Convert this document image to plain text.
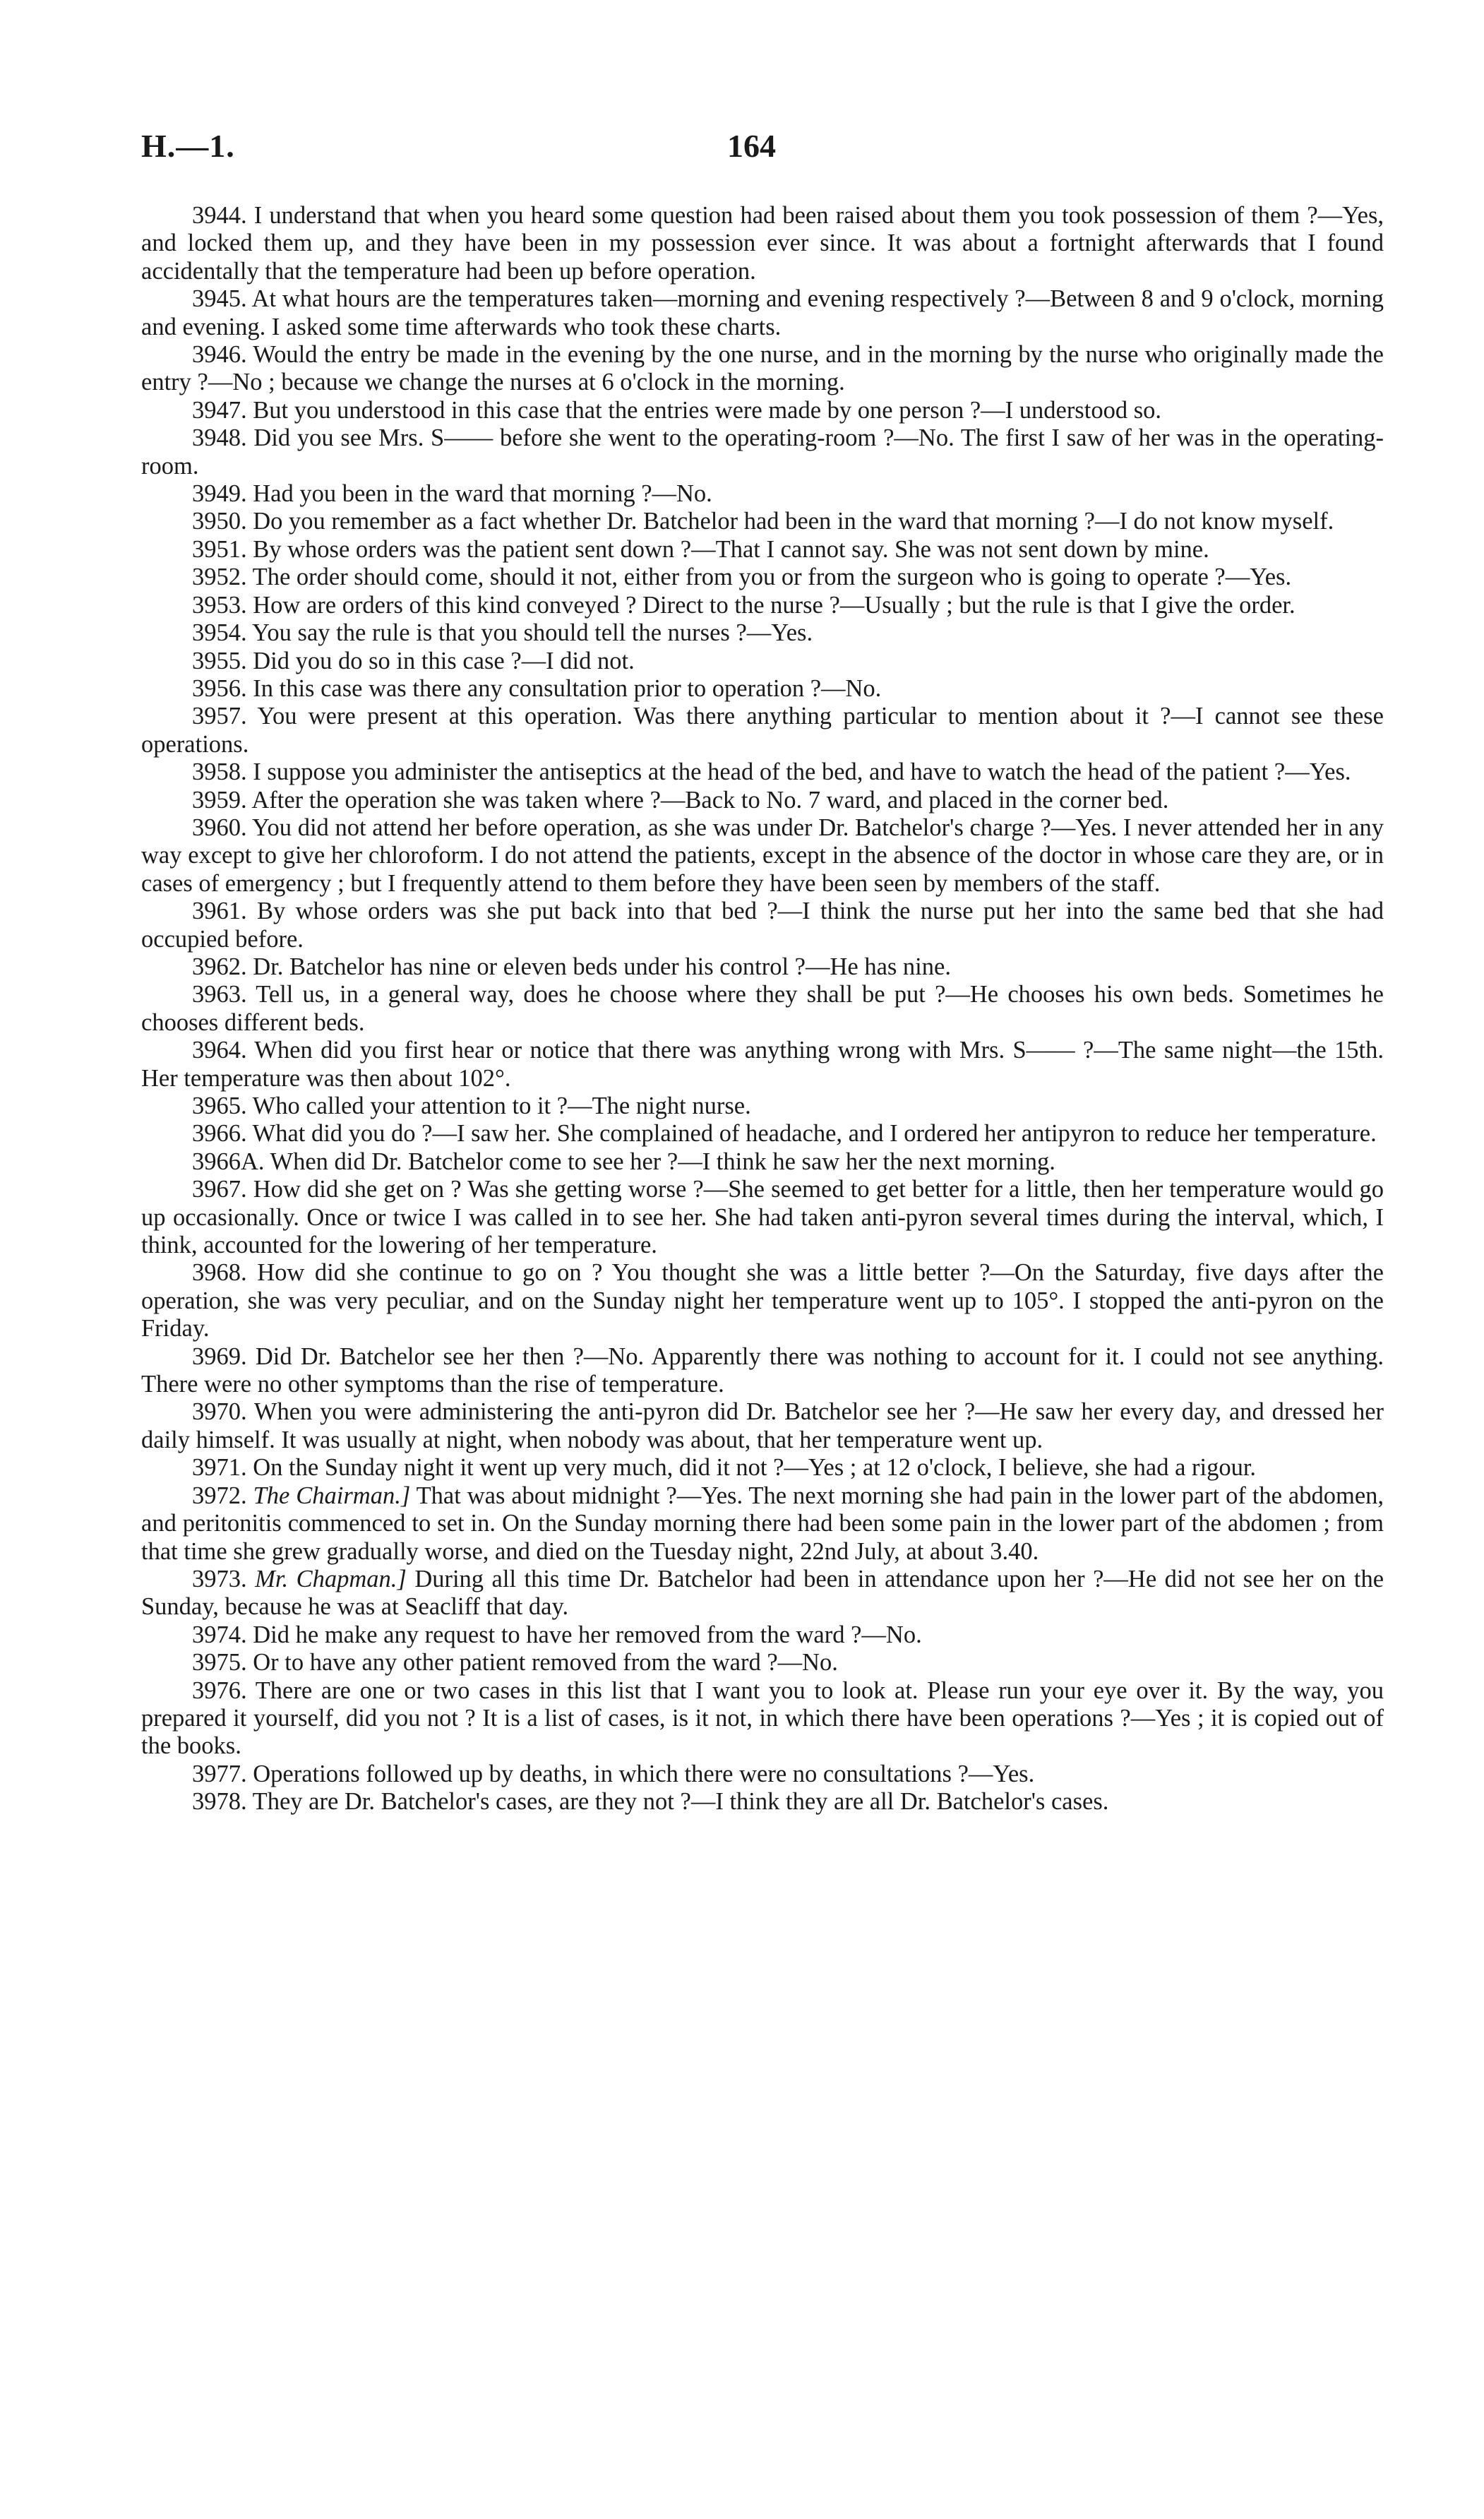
H.—1.	164

3944. I understand that when you heard some question had been raised about them you took possession of them ?—Yes, and locked them up, and they have been in my possession ever since. It was about a fortnight afterwards that I found accidentally that the temperature had been up before operation.

3945. At what hours are the temperatures taken—morning and evening respectively ?—Between 8 and 9 o'clock, morning and evening. I asked some time afterwards who took these charts.

3946. Would the entry be made in the evening by the one nurse, and in the morning by the nurse who originally made the entry ?—No ; because we change the nurses at 6 o'clock in the morning.

3947. But you understood in this case that the entries were made by one person ?—I understood so.

3948. Did you see Mrs. S—— before she went to the operating-room ?—No. The first I saw of her was in the operating-room.

3949. Had you been in the ward that morning ?—No.

3950. Do you remember as a fact whether Dr. Batchelor had been in the ward that morning ?—I do not know myself.

3951. By whose orders was the patient sent down ?—That I cannot say. She was not sent down by mine.

3952. The order should come, should it not, either from you or from the surgeon who is going to operate ?—Yes.

3953. How are orders of this kind conveyed ? Direct to the nurse ?—Usually ; but the rule is that I give the order.

3954. You say the rule is that you should tell the nurses ?—Yes.

3955. Did you do so in this case ?—I did not.

3956. In this case was there any consultation prior to operation ?—No.

3957. You were present at this operation. Was there anything particular to mention about it ?—I cannot see these operations.

3958. I suppose you administer the antiseptics at the head of the bed, and have to watch the head of the patient ?—Yes.

3959. After the operation she was taken where ?—Back to No. 7 ward, and placed in the corner bed.

3960. You did not attend her before operation, as she was under Dr. Batchelor's charge ?—Yes. I never attended her in any way except to give her chloroform. I do not attend the patients, except in the absence of the doctor in whose care they are, or in cases of emergency ; but I frequently attend to them before they have been seen by members of the staff.

3961. By whose orders was she put back into that bed ?—I think the nurse put her into the same bed that she had occupied before.

3962. Dr. Batchelor has nine or eleven beds under his control ?—He has nine.

3963. Tell us, in a general way, does he choose where they shall be put ?—He chooses his own beds. Sometimes he chooses different beds.

3964. When did you first hear or notice that there was anything wrong with Mrs. S—— ?—The same night—the 15th. Her temperature was then about 102°.

3965. Who called your attention to it ?—The night nurse.

3966. What did you do ?—I saw her. She complained of headache, and I ordered her antipyron to reduce her temperature.

3966A. When did Dr. Batchelor come to see her ?—I think he saw her the next morning.

3967. How did she get on ? Was she getting worse ?—She seemed to get better for a little, then her temperature would go up occasionally. Once or twice I was called in to see her. She had taken anti-pyron several times during the interval, which, I think, accounted for the lowering of her temperature.

3968. How did she continue to go on ? You thought she was a little better ?—On the Saturday, five days after the operation, she was very peculiar, and on the Sunday night her temperature went up to 105°. I stopped the anti-pyron on the Friday.

3969. Did Dr. Batchelor see her then ?—No. Apparently there was nothing to account for it. I could not see anything. There were no other symptoms than the rise of temperature.

3970. When you were administering the anti-pyron did Dr. Batchelor see her ?—He saw her every day, and dressed her daily himself. It was usually at night, when nobody was about, that her temperature went up.

3971. On the Sunday night it went up very much, did it not ?—Yes ; at 12 o'clock, I believe, she had a rigour.

3972. The Chairman.] That was about midnight ?—Yes. The next morning she had pain in the lower part of the abdomen, and peritonitis commenced to set in. On the Sunday morning there had been some pain in the lower part of the abdomen ; from that time she grew gradually worse, and died on the Tuesday night, 22nd July, at about 3.40.

3973. Mr. Chapman.] During all this time Dr. Batchelor had been in attendance upon her ?—He did not see her on the Sunday, because he was at Seacliff that day.

3974. Did he make any request to have her removed from the ward ?—No.

3975. Or to have any other patient removed from the ward ?—No.

3976. There are one or two cases in this list that I want you to look at. Please run your eye over it. By the way, you prepared it yourself, did you not ? It is a list of cases, is it not, in which there have been operations ?—Yes ; it is copied out of the books.

3977. Operations followed up by deaths, in which there were no consultations ?—Yes.

3978. They are Dr. Batchelor's cases, are they not ?—I think they are all Dr. Batchelor's cases.
